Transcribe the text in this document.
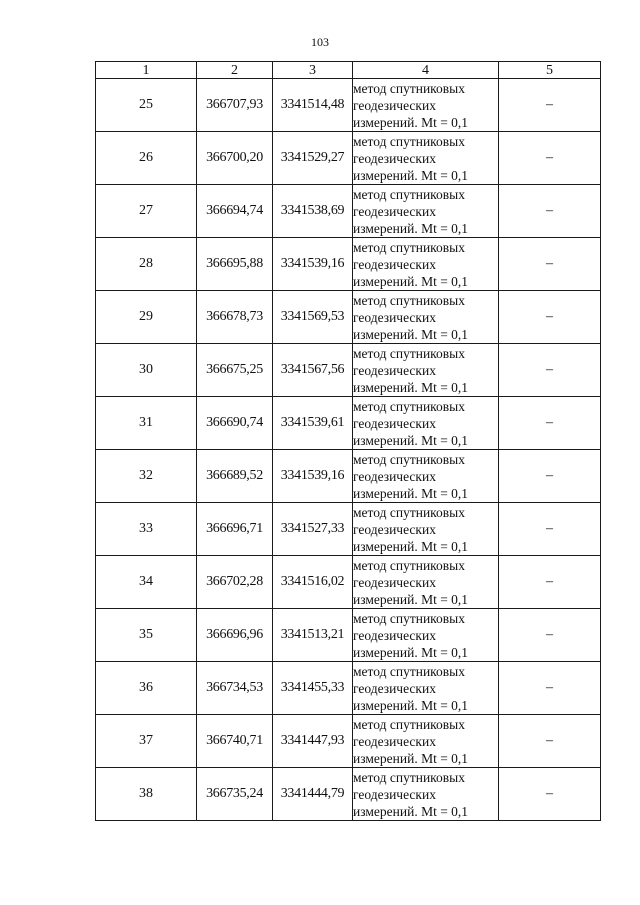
103
1	2	3	4	5
25	366707,93	3341514,48	метод спутниковых
геодезических
измерений. Mt = 0,1	–
26	366700,20	3341529,27	метод спутниковых
геодезических
измерений. Mt = 0,1	–
27	366694,74	3341538,69	метод спутниковых
геодезических
измерений. Mt = 0,1	–
28	366695,88	3341539,16	метод спутниковых
геодезических
измерений. Mt = 0,1	–
29	366678,73	3341569,53	метод спутниковых
геодезических
измерений. Mt = 0,1	–
30	366675,25	3341567,56	метод спутниковых
геодезических
измерений. Mt = 0,1	–
31	366690,74	3341539,61	метод спутниковых
геодезических
измерений. Mt = 0,1	–
32	366689,52	3341539,16	метод спутниковых
геодезических
измерений. Mt = 0,1	–
33	366696,71	3341527,33	метод спутниковых
геодезических
измерений. Mt = 0,1	–
34	366702,28	3341516,02	метод спутниковых
геодезических
измерений. Mt = 0,1	–
35	366696,96	3341513,21	метод спутниковых
геодезических
измерений. Mt = 0,1	–
36	366734,53	3341455,33	метод спутниковых
геодезических
измерений. Mt = 0,1	–
37	366740,71	3341447,93	метод спутниковых
геодезических
измерений. Mt = 0,1	–
38	366735,24	3341444,79	метод спутниковых
геодезических
измерений. Mt = 0,1	–
